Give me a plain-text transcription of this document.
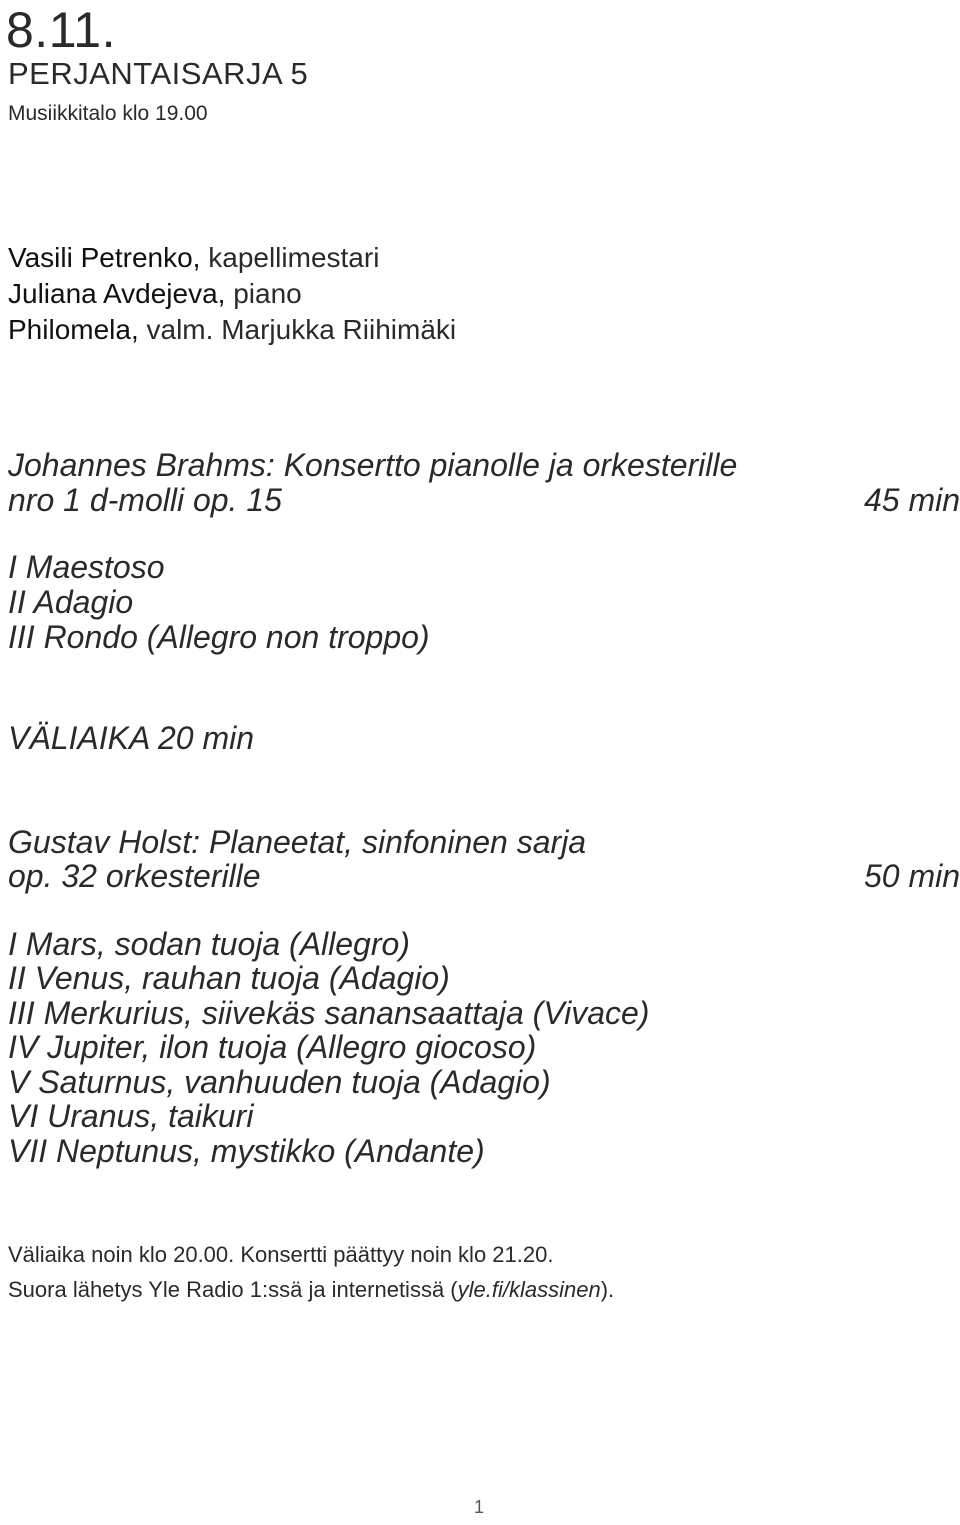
8.11.
PERJANTAISARJA 5
Musiikkitalo klo 19.00
Vasili Petrenko, kapellimestari
Juliana Avdejeva, piano
Philomela, valm. Marjukka Riihimäki
Johannes Brahms: Konsertto pianolle ja orkesterille
nro 1 d-molli op. 15	45 min
I Maestoso
II Adagio
III Rondo (Allegro non troppo)
VÄLIAIKA 20 min
Gustav Holst: Planeetat, sinfoninen sarja
op. 32 orkesterille	50 min
I Mars, sodan tuoja (Allegro)
II Venus, rauhan tuoja (Adagio)
III Merkurius, siivekäs sanansaattaja (Vivace)
IV Jupiter, ilon tuoja (Allegro giocoso)
V Saturnus, vanhuuden tuoja (Adagio)
VI Uranus, taikuri
VII Neptunus, mystikko (Andante)
Väliaika noin klo 20.00. Konsertti päättyy noin klo 21.20.
Suora lähetys Yle Radio 1:ssä ja internetissä (yle.fi/klassinen).
1
